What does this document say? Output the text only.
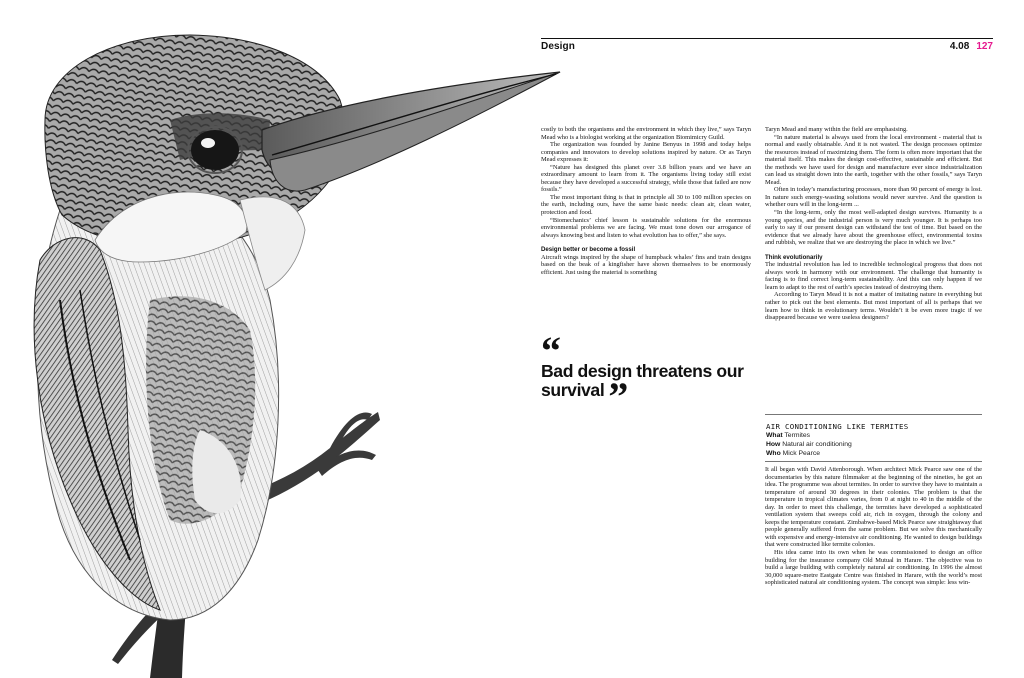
Design	4.08 127

costly to both the organisms and the environment in which they live,” says Taryn Mead who is a biologist working at the organization Biomimicry Guild.

The organization was founded by Janine Benyus in 1998 and today helps companies and innovators to develop solutions inspired by nature. Or as Taryn Mead expresses it:

“Nature has designed this planet over 3.8 billion years and we have an extraordinary amount to learn from it. The organisms living today still exist because they have developed a successful strategy, while those that failed are now fossils.”

The most important thing is that in principle all 30 to 100 million species on the earth, including ours, have the same basic needs: clean air, clean water, protection and food.

“Biomechanics’ chief lesson is sustainable solutions for the enormous environmental problems we are facing. We must tone down our arrogance of always knowing best and listen to what evolution has to offer,” she says.

Design better or become a fossil

Aircraft wings inspired by the shape of humpback whales’ fins and train designs based on the beak of a kingfisher have shown themselves to be enormously efficient. Just using the material is something

“
Bad design threatens our survival ”

Taryn Mead and many within the field are emphasising.

“In nature material is always used from the local environment - material that is normal and easily obtainable. And it is not wasted. The design processes optimize the resources instead of maximizing them. The form is often more important that the material itself. This makes the design cost-effective, sustainable and efficient. But the methods we have used for design and manufacture ever since industrialization can lead us straight down into the earth, together with the other fossils,” says Taryn Mead.

Often in today’s manufacturing processes, more than 90 percent of energy is lost. In nature such energy-wasting solutions would never survive. And the question is whether ours will in the long-term ...

“In the long-term, only the most well-adapted design survives. Humanity is a young species, and the industrial person is very much younger. It is perhaps too early to say if our present design can withstand the test of time. But based on the evidence that we already have about the greenhouse effect, environmental toxins and rubbish, we realize that we are destroying the place in which we live.”

Think evolutionarily

The industrial revolution has led to incredible technological progress that does not always work in harmony with our environment. The challenge that humanity is facing is to find correct long-term sustainability. And this can only happen if we learn to adapt to the rest of earth’s species instead of destroying them.

According to Taryn Mead it is not a matter of imitating nature in everything but rather to pick out the best elements. But most important of all is perhaps that we learn how to think in evolutionary terms. Wouldn’t it be even more tragic if we disappeared because we were useless designers?

AIR CONDITIONING LIKE TERMITES
What Termites
How Natural air conditioning
Who Mick Pearce

It all began with David Attenborough. When architect Mick Pearce saw one of the documentaries by this nature filmmaker at the beginning of the nineties, he got an idea. The programme was about termites. In order to survive they have to maintain a temperature of around 30 degrees in their colonies. The problem is that the temperature in tropical climates varies, from 0 at night to 40 in the middle of the day. In order to meet this challenge, the termites have developed a sophisticated ventilation system that sweeps cold air, rich in oxygen, through the colony and keeps the temperature constant. Zimbabwe-based Mick Pearce saw straightaway that people generally suffered from the same problem. But we solve this mechanically with expensive and energy-intensive air conditioning. He wanted to design buildings that were constructed like termite colonies.

His idea came into its own when he was commissioned to design an office building for the insurance company Old Mutual in Harare. The objective was to build a large building with completely natural air conditioning. In 1996 the almost 30,000 square-metre Eastgate Centre was finished in Harare, with the world’s most sophisticated natural air conditioning system. The concept was simple: less win-
